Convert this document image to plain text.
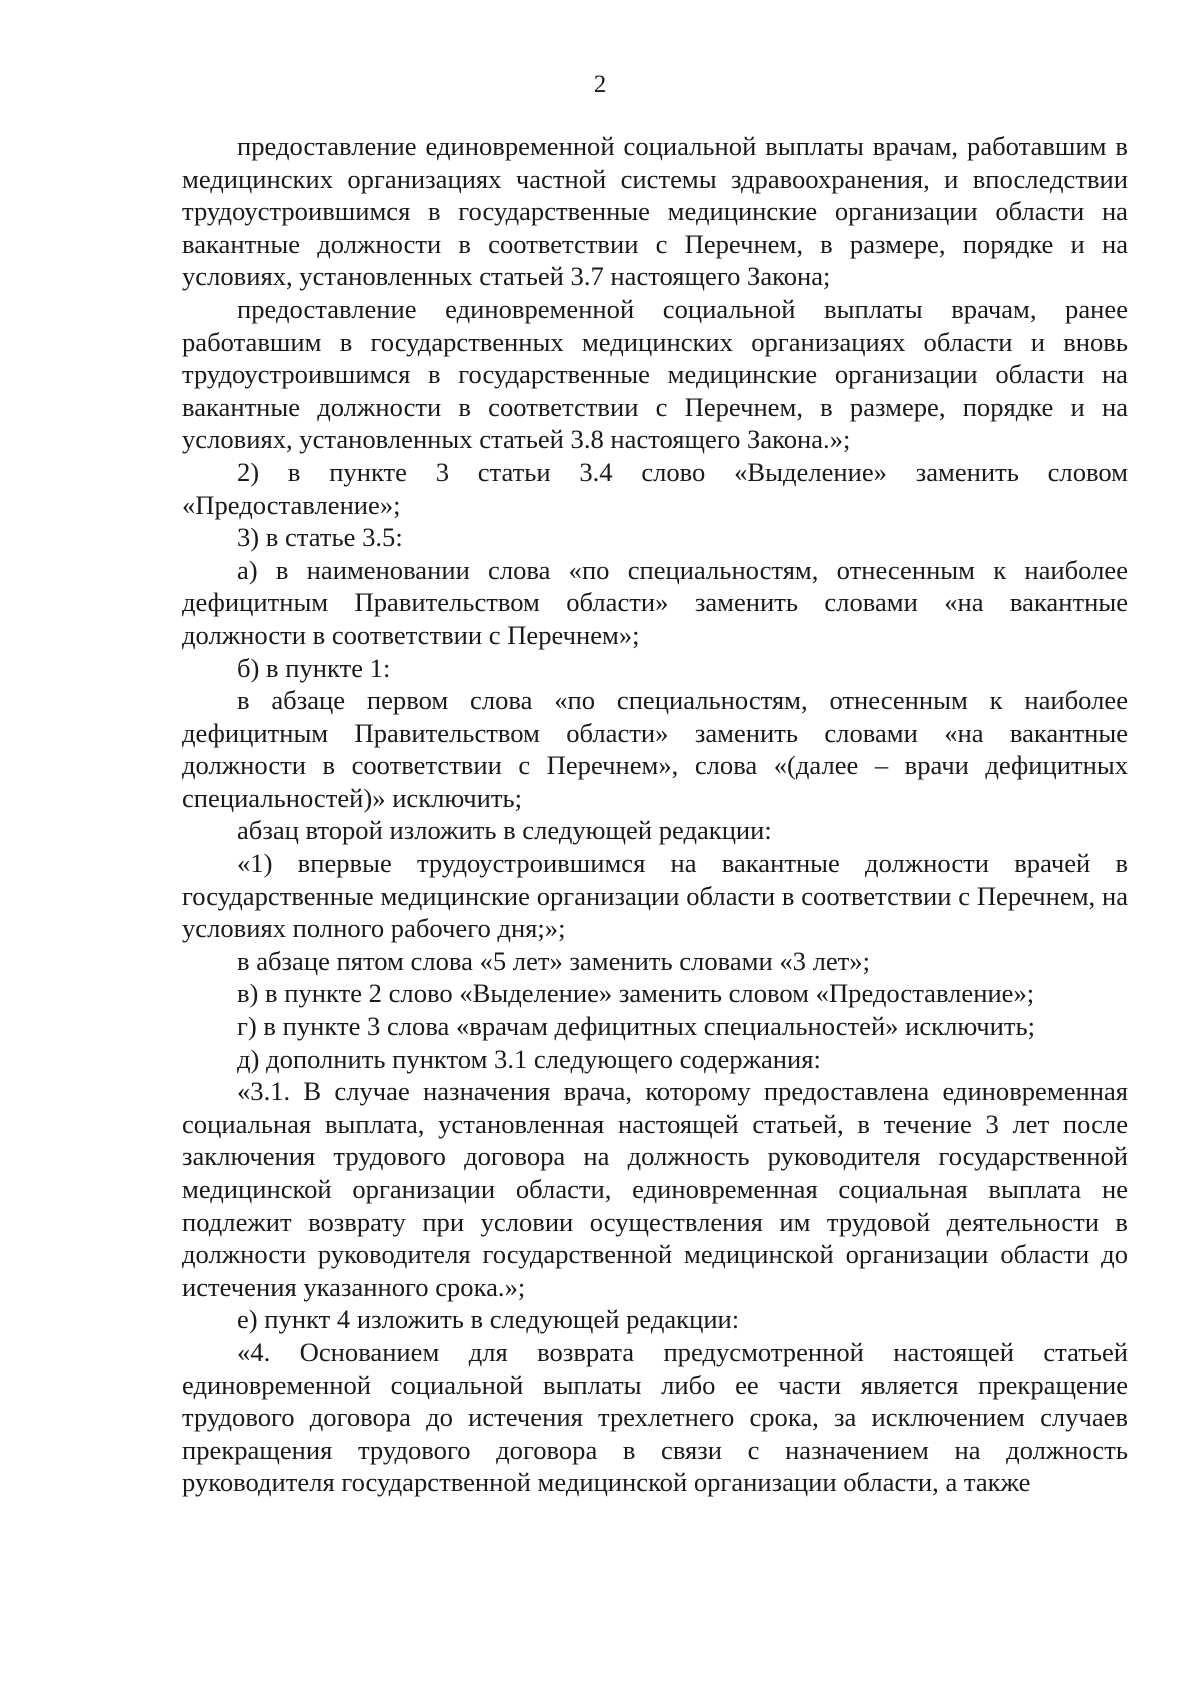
2

предоставление единовременной социальной выплаты врачам, работавшим в медицинских организациях частной системы здравоохранения, и впоследствии трудоустроившимся в государственные медицинские организации области на вакантные должности в соответствии с Перечнем, в размере, порядке и на условиях, установленных статьей 3.7 настоящего Закона;

предоставление единовременной социальной выплаты врачам, ранее работавшим в государственных медицинских организациях области и вновь трудоустроившимся в государственные медицинские организации области на вакантные должности в соответствии с Перечнем, в размере, порядке и на условиях, установленных статьей 3.8 настоящего Закона.»;

2) в пункте 3 статьи 3.4 слово «Выделение» заменить словом «Предоставление»;

3) в статье 3.5:

а) в наименовании слова «по специальностям, отнесенным к наиболее дефицитным Правительством области» заменить словами «на вакантные должности в соответствии с Перечнем»;

б) в пункте 1:

в абзаце первом слова «по специальностям, отнесенным к наиболее дефицитным Правительством области» заменить словами «на вакантные должности в соответствии с Перечнем», слова «(далее – врачи дефицитных специальностей)» исключить;

абзац второй изложить в следующей редакции:

«1) впервые трудоустроившимся на вакантные должности врачей в государственные медицинские организации области в соответствии с Перечнем, на условиях полного рабочего дня;»;

в абзаце пятом слова «5 лет» заменить словами «3 лет»;

в) в пункте 2 слово «Выделение» заменить словом «Предоставление»;

г) в пункте 3 слова «врачам дефицитных специальностей» исключить;

д) дополнить пунктом 3.1 следующего содержания:

«3.1. В случае назначения врача, которому предоставлена единовременная социальная выплата, установленная настоящей статьей, в течение 3 лет после заключения трудового договора на должность руководителя государственной медицинской организации области, единовременная социальная выплата не подлежит возврату при условии осуществления им трудовой деятельности в должности руководителя государственной медицинской организации области до истечения указанного срока.»;

е) пункт 4 изложить в следующей редакции:

«4. Основанием для возврата предусмотренной настоящей статьей единовременной социальной выплаты либо ее части является прекращение трудового договора до истечения трехлетнего срока, за исключением случаев прекращения трудового договора в связи с назначением на должность руководителя государственной медицинской организации области, а также
